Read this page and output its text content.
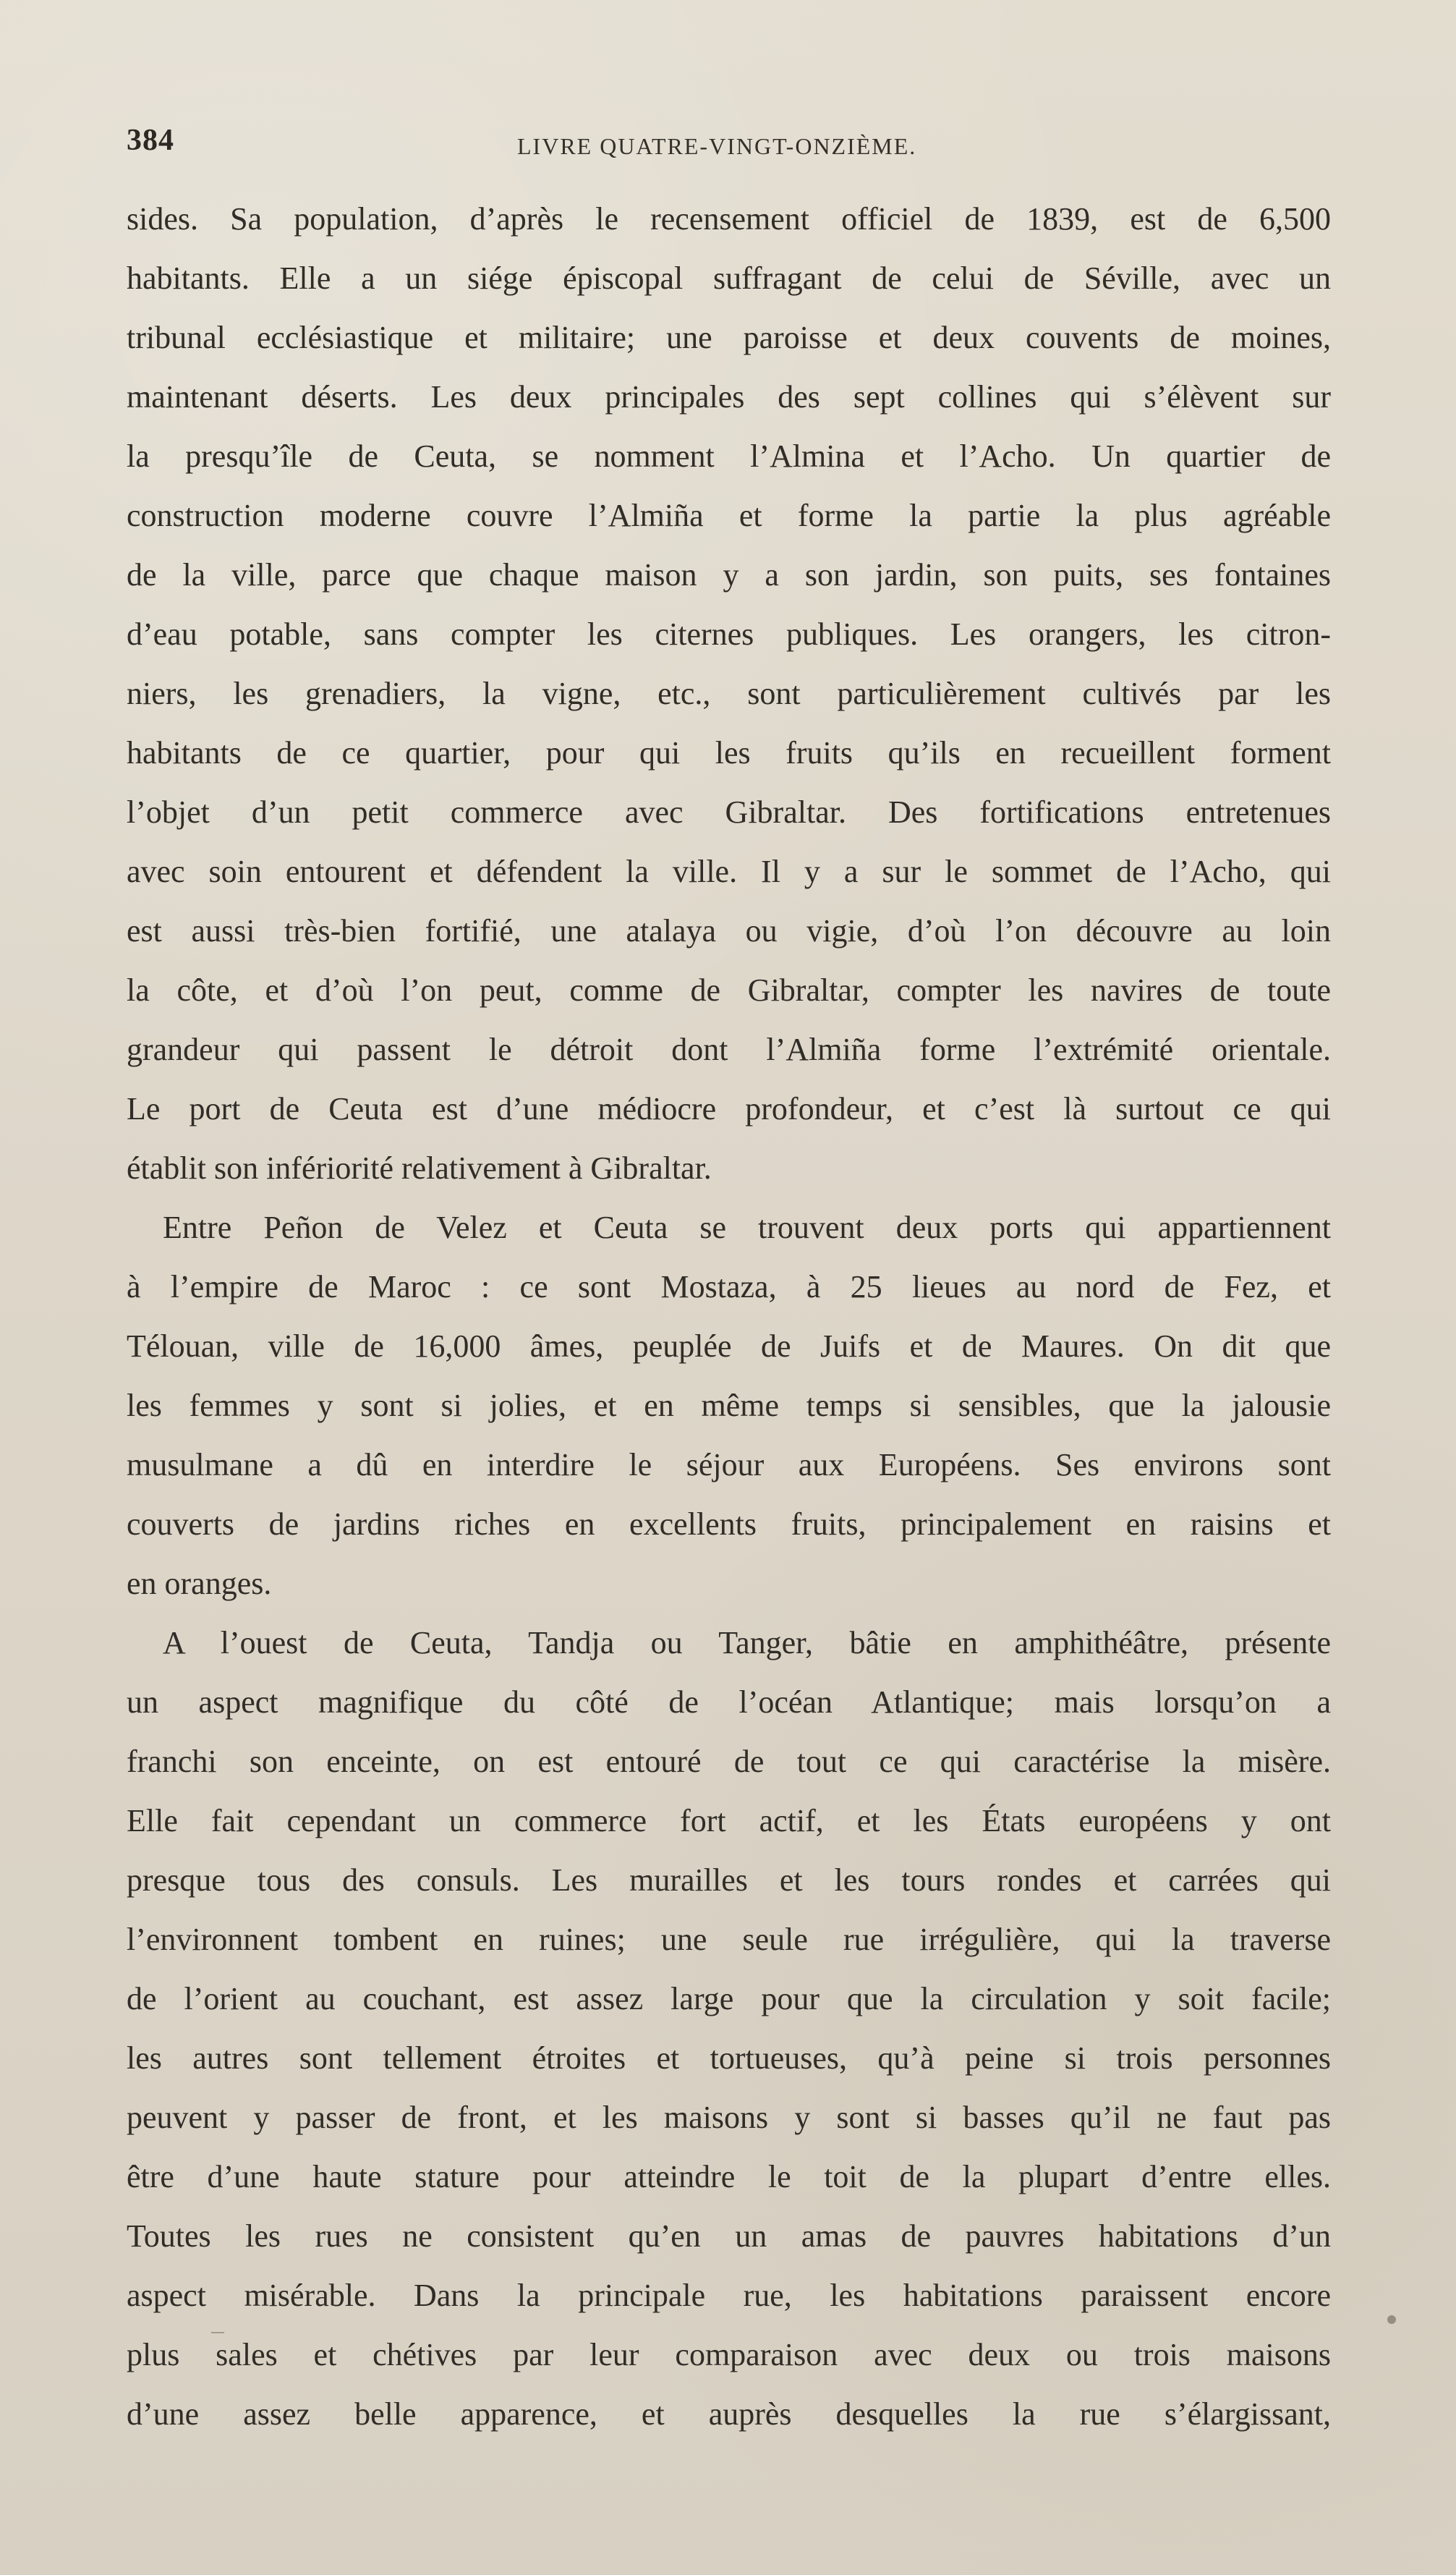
384	LIVRE QUATRE-VINGT-ONZIÈME.
sides. Sa population, d’après le recensement officiel de 1839, est de 6,500
habitants. Elle a un siége épiscopal suffragant de celui de Séville, avec un
tribunal ecclésiastique et militaire; une paroisse et deux couvents de moines,
maintenant déserts. Les deux principales des sept collines qui s’élèvent sur
la presqu’île de Ceuta, se nomment l’Almina et l’Acho. Un quartier de
construction moderne couvre l’Almiña et forme la partie la plus agréable
de la ville, parce que chaque maison y a son jardin, son puits, ses fontaines
d’eau potable, sans compter les citernes publiques. Les orangers, les citron-
niers, les grenadiers, la vigne, etc., sont particulièrement cultivés par les
habitants de ce quartier, pour qui les fruits qu’ils en recueillent forment
l’objet d’un petit commerce avec Gibraltar. Des fortifications entretenues
avec soin entourent et défendent la ville. Il y a sur le sommet de l’Acho, qui
est aussi très-bien fortifié, une atalaya ou vigie, d’où l’on découvre au loin
la côte, et d’où l’on peut, comme de Gibraltar, compter les navires de toute
grandeur qui passent le détroit dont l’Almiña forme l’extrémité orientale.
Le port de Ceuta est d’une médiocre profondeur, et c’est là surtout ce qui
établit son infériorité relativement à Gibraltar.
Entre Peñon de Velez et Ceuta se trouvent deux ports qui appartiennent
à l’empire de Maroc : ce sont Mostaza, à 25 lieues au nord de Fez, et
Télouan, ville de 16,000 âmes, peuplée de Juifs et de Maures. On dit que
les femmes y sont si jolies, et en même temps si sensibles, que la jalousie
musulmane a dû en interdire le séjour aux Européens. Ses environs sont
couverts de jardins riches en excellents fruits, principalement en raisins et
en oranges.
A l’ouest de Ceuta, Tandja ou Tanger, bâtie en amphithéâtre, présente
un aspect magnifique du côté de l’océan Atlantique; mais lorsqu’on a
franchi son enceinte, on est entouré de tout ce qui caractérise la misère.
Elle fait cependant un commerce fort actif, et les États européens y ont
presque tous des consuls. Les murailles et les tours rondes et carrées qui
l’environnent tombent en ruines; une seule rue irrégulière, qui la traverse
de l’orient au couchant, est assez large pour que la circulation y soit facile;
les autres sont tellement étroites et tortueuses, qu’à peine si trois personnes
peuvent y passer de front, et les maisons y sont si basses qu’il ne faut pas
être d’une haute stature pour atteindre le toit de la plupart d’entre elles.
Toutes les rues ne consistent qu’en un amas de pauvres habitations d’un
aspect misérable. Dans la principale rue, les habitations paraissent encore
plus sales et chétives par leur comparaison avec deux ou trois maisons
d’une assez belle apparence, et auprès desquelles la rue s’élargissant,
